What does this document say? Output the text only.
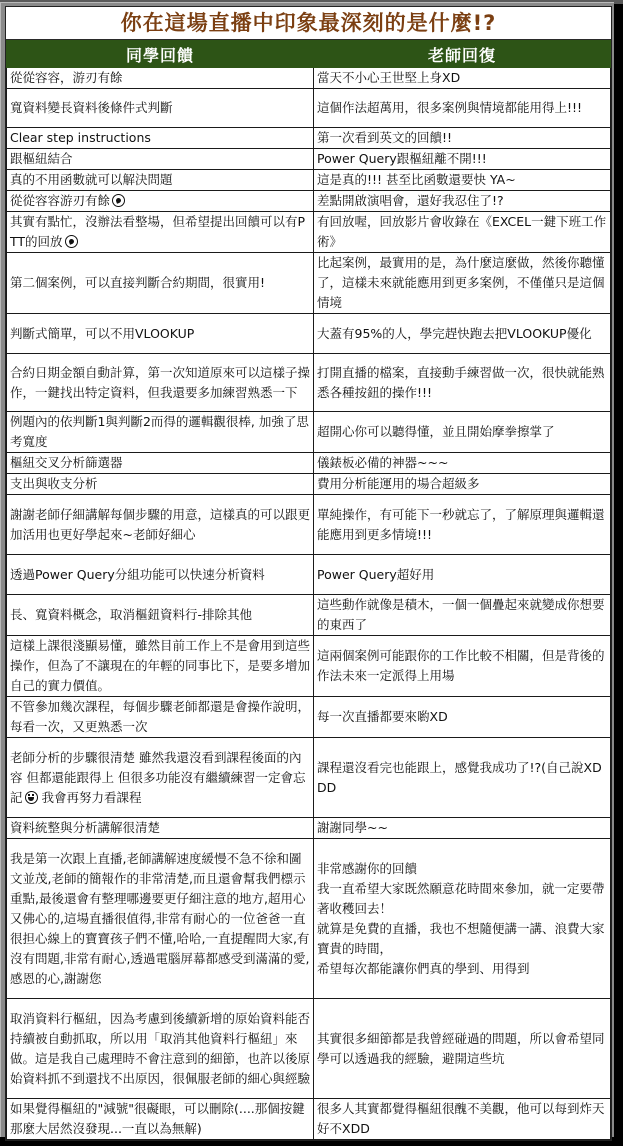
你在這場直播中印象最深刻的是什麼!?
同學回饋	老師回復
從從容容，游刃有餘	當天不小心王世堅上身XD
寬資料變長資料後條件式判斷	這個作法超萬用，很多案例與情境都能用得上!!!
Clear step instructions	第一次看到英文的回饋!!
跟樞紐結合	Power Query跟樞紐離不開!!!
真的不用函數就可以解決問題	這是真的!!! 甚至比函數還要快 YA~
從從容容游刃有餘	差點開啟演唱會，還好我忍住了!?
其實有點忙，沒辦法看整場，但希望提出回饋可以有PTT的回放	有回放喔，回放影片會收錄在《EXCEL一鍵下班工作術》
第二個案例，可以直接判斷合約期間，很實用!	比起案例，最實用的是，為什麼這麼做，然後你聽懂了，這樣未來就能應用到更多案例，不僅僅只是這個情境
判斷式簡單，可以不用VLOOKUP	大蓋有95%的人，學完趕快跑去把VLOOKUP優化
合約日期金額自動計算，第一次知道原來可以這樣子操作，一鍵找出特定資料，但我還要多加練習熟悉一下	打開直播的檔案，直接動手練習做一次，很快就能熟悉各種按鈕的操作!!!
例題內的依判斷1與判斷2而得的邏輯觀很棒, 加強了思考寬度	超開心你可以聽得懂，並且開始摩拳擦掌了
樞紐交叉分析篩選器	儀錶板必備的神器~~~
支出與收支分析	費用分析能運用的場合超級多
謝謝老師仔細講解每個步驟的用意，這樣真的可以跟更加活用也更好學起來~老師好細心	單純操作，有可能下一秒就忘了，了解原理與邏輯還能應用到更多情境!!!
透過Power Query分組功能可以快速分析資料	Power Query超好用
長、寬資料概念，取消樞鈕資料行-排除其他	這些動作就像是積木，一個一個疊起來就變成你想要的東西了
這樣上課很淺顯易懂，雖然目前工作上不是會用到這些操作，但為了不讓現在的年輕的同事比下，是要多增加自己的實力價值。	這兩個案例可能跟你的工作比較不相關，但是背後的作法未來一定派得上用場
不管參加幾次課程，每個步驟老師都還是會操作說明，每看一次，又更熟悉一次	每一次直播都要來喲XD
老師分析的步驟很清楚 雖然我還沒看到課程後面的內容 但都還能跟得上 但很多功能沒有繼續練習一定會忘記 我會再努力看課程	課程還沒看完也能跟上，感覺我成功了!?(自己說XDDD
資料統整與分析講解很清楚	謝謝同學~~
我是第一次跟上直播,老師講解速度緩慢不急不徐和圖文並茂,老師的簡報作的非常清楚,而且還會幫我們標示重點,最後還會有整理哪邊要更仔細注意的地方,超用心又佛心的,這場直播很值得,非常有耐心的一位爸爸一直很担心線上的寶寶孩子們不懂,哈哈,一直提醒問大家,有沒有問題,非常有耐心,透過電腦屏幕都感受到滿滿的愛,感恩的心,謝謝您	非常感謝你的回饋
我一直希望大家既然願意花時間來參加，就一定要帶著收穫回去！
就算是免費的直播，我也不想隨便講一講、浪費大家寶貴的時間，
希望每次都能讓你們真的學到、用得到

取消資料行樞紐，因為考慮到後續新增的原始資料能否持續被自動抓取，所以用「取消其他資料行樞紐」來做。這是我自己處理時不會注意到的細節，也許以後原始資料抓不到還找不出原因，很佩服老師的細心與經驗	其實很多細節都是我曾經碰過的問題，所以會希望同學可以透過我的經驗，避開這些坑
如果覺得樞紐的"減號"很礙眼，可以刪除(....那個按鍵那麼大居然沒發現...一直以為無解)	很多人其實都覺得樞紐很醜不美觀，他可以每到炸天好不XDD
